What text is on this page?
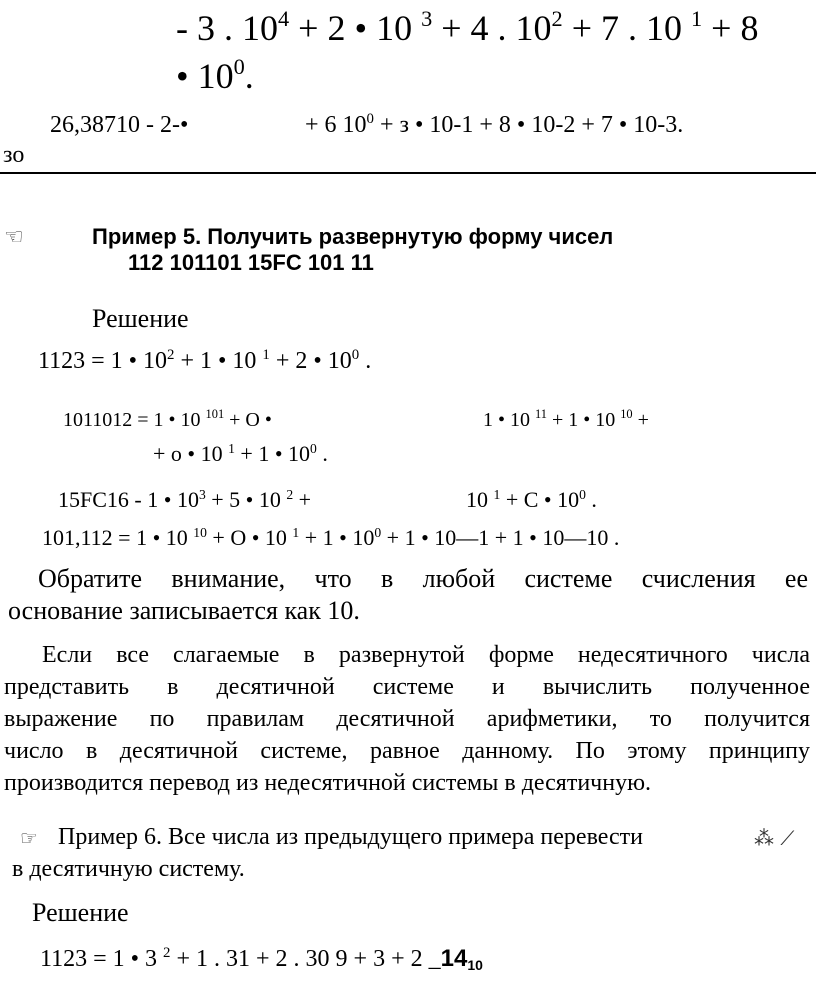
- 3 . $10^4 + 2$ • 10 $^3$ + 4 . $10^2 + 7$ . 10 $^1$ + 8
• $10^0$.
26,38710 - 2-•	+ 6 $10^0 + з$ • 10-1 + 8 • 10-2 + 7 • 10-3.
зо
☜	Пример 5. Получить развернутую форму чисел
112 101101 15FC 101 11
Решение
1123 = 1 • $10^2 + 1$ • 10 $^1$ + 2 • $10^0$ .
1011012 = 1 • 10 $^{101}$ + O •	1 • 10 $^{11}$ + 1 • 10 $^{10}$ +
+ o • 10 $^1$ + 1 • $10^0$ .
15FC16 - 1 • $10^3 + 5$ • 10 $^2$ +	10 $^1$ + С • $10^0$ .
101,112 = 1 • 10 $^{10}$ + O • 10 $^1$ + 1 • $10^0 + 1$ • 10—1 + 1 • 10—10 .
Обратите внимание, что в любой системе счисления ее
основание записывается как 10.
Если все слагаемые в развернутой форме недесятичного числа
представить в десятичной системе и вычислить полученное
выражение по правилам десятичной арифметики, то получится
число в десятичной системе, равное данному. По этому принципу
производится перевод из недесятичной системы в десятичную.
☞ Пример 6. Все числа из предыдущего примера перевести	⁂ ⟋
в десятичную систему.
Решение
1123 = 1 • 3 $^2$ + 1 . 31 + 2 . 30 9 + 3 + 2 _1410
